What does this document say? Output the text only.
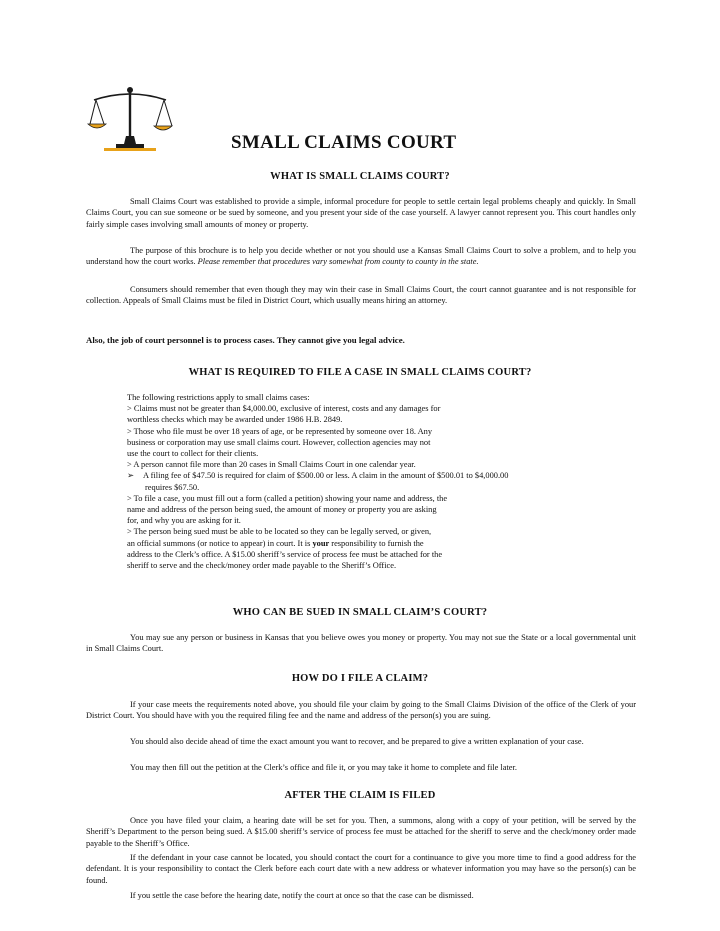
SMALL CLAIMS COURT
WHAT IS SMALL CLAIMS COURT?

Small Claims Court was established to provide a simple, informal procedure for people to settle certain legal problems cheaply and quickly. In Small Claims Court, you can sue someone or be sued by someone, and you present your side of the case yourself. A lawyer cannot represent you. This court handles only fairly simple cases involving small amounts of money or property.

The purpose of this brochure is to help you decide whether or not you should use a Kansas Small Claims Court to solve a problem, and to help you understand how the court works. Please remember that procedures vary somewhat from county to county in the state.

Consumers should remember that even though they may win their case in Small Claims Court, the court cannot guarantee and is not responsible for collection. Appeals of Small Claims must be filed in District Court, which usually means hiring an attorney.

Also, the job of court personnel is to process cases. They cannot give you legal advice.
WHAT IS REQUIRED TO FILE A CASE IN SMALL CLAIMS COURT?
The following restrictions apply to small claims cases:
> Claims must not be greater than $4,000.00, exclusive of interest, costs and any damages for
worthless checks which may be awarded under 1986 H.B. 2849.
> Those who file must be over 18 years of age, or be represented by someone over 18. Any
business or corporation may use small claims court. However, collection agencies may not
use the court to collect for their clients.
> A person cannot file more than 20 cases in Small Claims Court in one calendar year.
➢ A filing fee of $47.50 is required for claim of $500.00 or less. A claim in the amount of $500.01 to $4,000.00
requires $67.50.
> To file a case, you must fill out a form (called a petition) showing your name and address, the
name and address of the person being sued, the amount of money or property you are asking
for, and why you are asking for it.
> The person being sued must be able to be located so they can be legally served, or given,
an official summons (or notice to appear) in court. It is your responsibility to furnish the
address to the Clerk’s office. A $15.00 sheriff’s service of process fee must be attached for the
sheriff to serve and the check/money order made payable to the Sheriff’s Office.
WHO CAN BE SUED IN SMALL CLAIM’S COURT?

You may sue any person or business in Kansas that you believe owes you money or property. You may not sue the State or a local governmental unit in Small Claims Court.

HOW DO I FILE A CLAIM?

If your case meets the requirements noted above, you should file your claim by going to the Small Claims Division of the office of the Clerk of your District Court. You should have with you the required filing fee and the name and address of the person(s) you are suing.

You should also decide ahead of time the exact amount you want to recover, and be prepared to give a written explanation of your case.

You may then fill out the petition at the Clerk’s office and file it, or you may take it home to complete and file later.

AFTER THE CLAIM IS FILED

Once you have filed your claim, a hearing date will be set for you. Then, a summons, along with a copy of your petition, will be served by the Sheriff’s Department to the person being sued. A $15.00 sheriff’s service of process fee must be attached for the sheriff to serve and the check/money order made payable to the Sheriff’s Office.

If the defendant in your case cannot be located, you should contact the court for a continuance to give you more time to find a good address for the defendant. It is your responsibility to contact the Clerk before each court date with a new address or whatever information you may have so the person(s) can be found.

If you settle the case before the hearing date, notify the court at once so that the case can be dismissed.
